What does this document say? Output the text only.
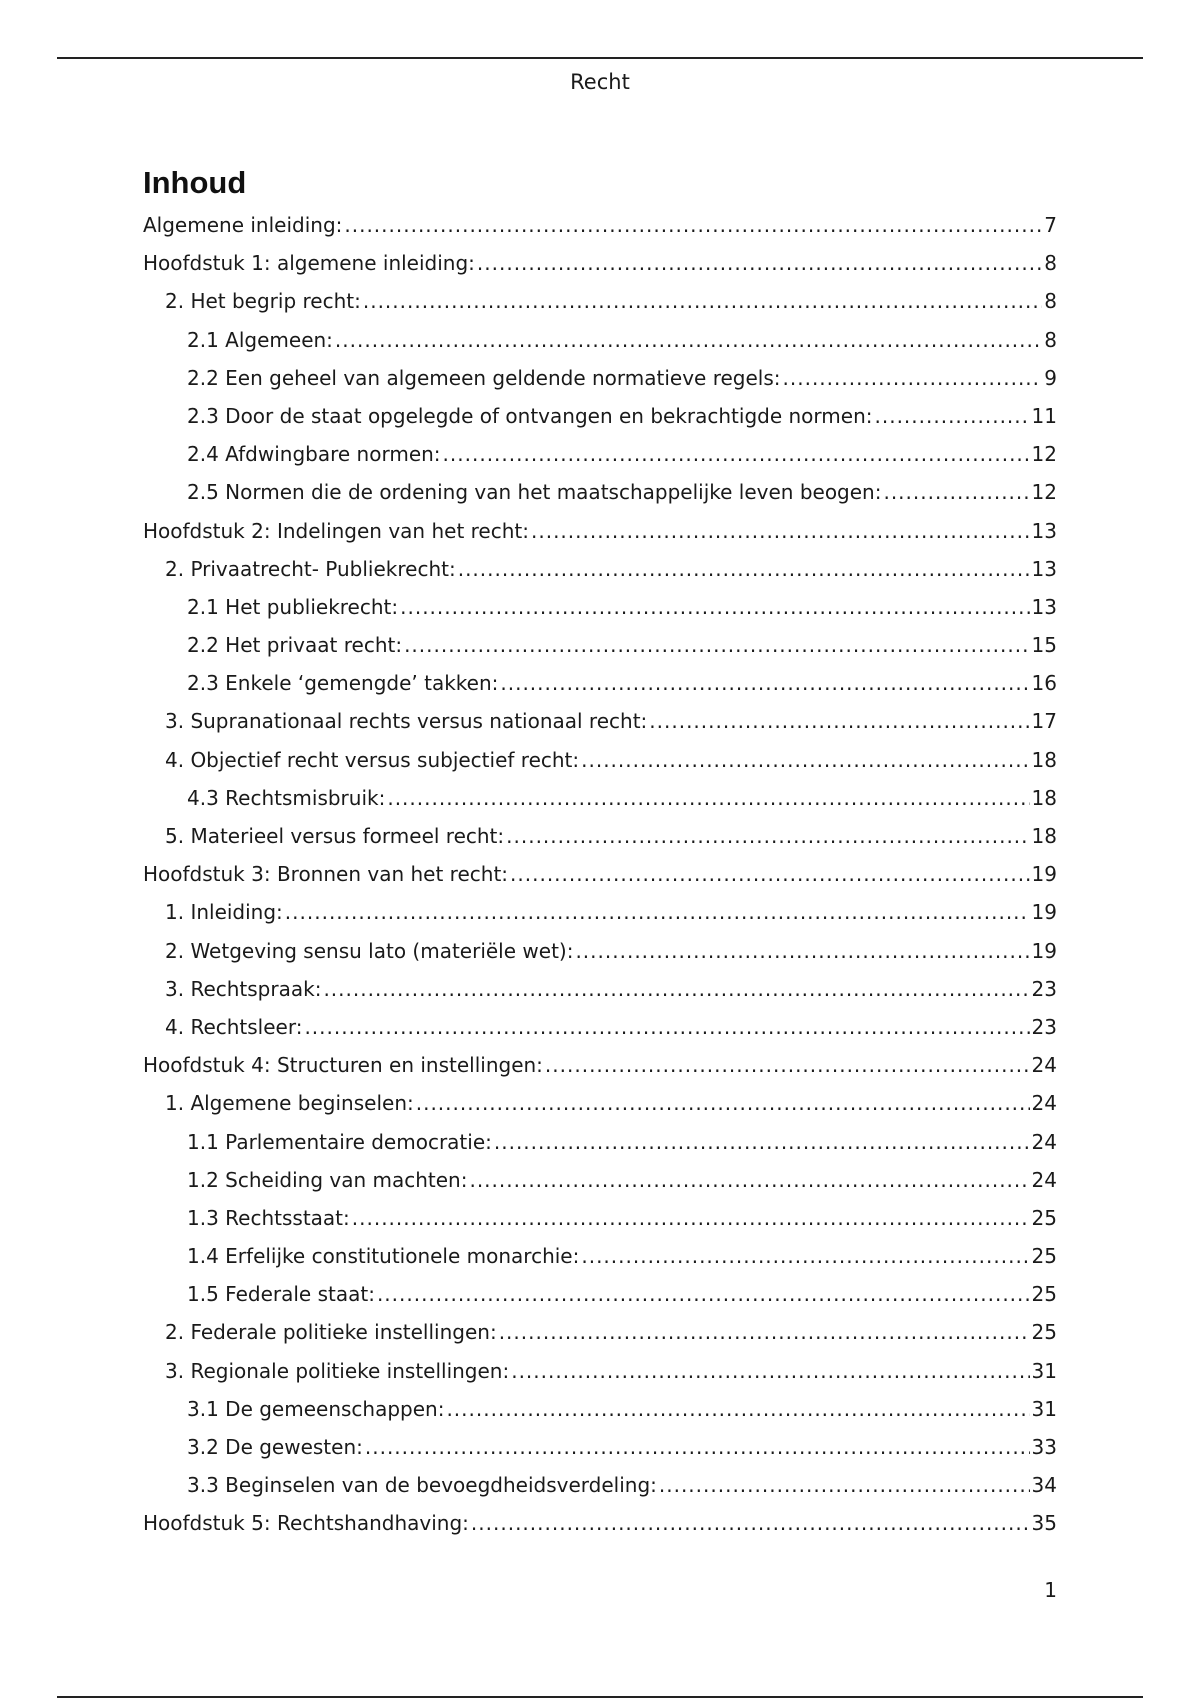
Recht
Inhoud
Algemene inleiding: .....	7
Hoofdstuk 1: algemene inleiding: .....	8
2. Het begrip recht: .....	8
2.1 Algemeen: .....	8
2.2 Een geheel van algemeen geldende normatieve regels: .....	9
2.3 Door de staat opgelegde of ontvangen en bekrachtigde normen: .....	11
2.4 Afdwingbare normen: .....	12
2.5 Normen die de ordening van het maatschappelijke leven beogen: .....	12
Hoofdstuk 2: Indelingen van het recht: .....	13
2. Privaatrecht- Publiekrecht: .....	13
2.1 Het publiekrecht: .....	13
2.2 Het privaat recht: .....	15
2.3 Enkele ‘gemengde’ takken: .....	16
3. Supranationaal rechts versus nationaal recht: .....	17
4. Objectief recht versus subjectief recht: .....	18
4.3 Rechtsmisbruik: .....	18
5. Materieel versus formeel recht: .....	18
Hoofdstuk 3: Bronnen van het recht: .....	19
1. Inleiding: .....	19
2. Wetgeving sensu lato (materiële wet): .....	19
3. Rechtspraak: .....	23
4. Rechtsleer: .....	23
Hoofdstuk 4: Structuren en instellingen: .....	24
1. Algemene beginselen: .....	24
1.1 Parlementaire democratie: .....	24
1.2 Scheiding van machten: .....	24
1.3 Rechtsstaat: .....	25
1.4 Erfelijke constitutionele monarchie: .....	25
1.5 Federale staat: .....	25
2. Federale politieke instellingen: .....	25
3. Regionale politieke instellingen: .....	31
3.1 De gemeenschappen: .....	31
3.2 De gewesten: .....	33
3.3 Beginselen van de bevoegdheidsverdeling: .....	34
Hoofdstuk 5: Rechtshandhaving: .....	35
1
